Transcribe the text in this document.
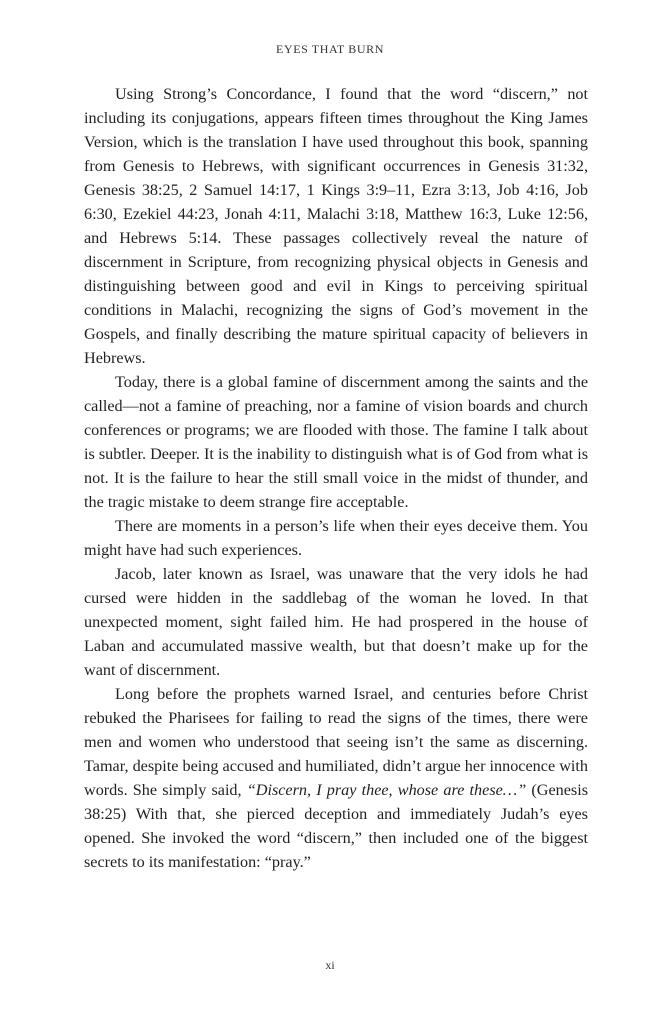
EYES THAT BURN

Using Strong’s Concordance, I found that the word “discern,” not including its conjugations, appears fifteen times throughout the King James Version, which is the translation I have used throughout this book, spanning from Genesis to Hebrews, with significant occurrences in Genesis 31:32, Genesis 38:25, 2 Samuel 14:17, 1 Kings 3:9–11, Ezra 3:13, Job 4:16, Job 6:30, Ezekiel 44:23, Jonah 4:11, Malachi 3:18, Matthew 16:3, Luke 12:56, and Hebrews 5:14. These passages collectively reveal the nature of discernment in Scripture, from recognizing physical objects in Genesis and distinguishing between good and evil in Kings to perceiving spiritual conditions in Malachi, recognizing the signs of God’s movement in the Gospels, and finally describing the mature spiritual capacity of believers in Hebrews.

Today, there is a global famine of discernment among the saints and the called—not a famine of preaching, nor a famine of vision boards and church conferences or programs; we are flooded with those. The famine I talk about is subtler. Deeper. It is the inability to distinguish what is of God from what is not. It is the failure to hear the still small voice in the midst of thunder, and the tragic mistake to deem strange fire acceptable.

There are moments in a person’s life when their eyes deceive them. You might have had such experiences.

Jacob, later known as Israel, was unaware that the very idols he had cursed were hidden in the saddlebag of the woman he loved. In that unexpected moment, sight failed him. He had prospered in the house of Laban and accumulated massive wealth, but that doesn’t make up for the want of discernment.

Long before the prophets warned Israel, and centuries before Christ rebuked the Pharisees for failing to read the signs of the times, there were men and women who understood that seeing isn’t the same as discerning. Tamar, despite being accused and humiliated, didn’t argue her innocence with words. She simply said, “Discern, I pray thee, whose are these…” (Genesis 38:25) With that, she pierced deception and immediately Judah’s eyes opened. She invoked the word “discern,” then included one of the biggest secrets to its manifestation: “pray.”

xi
